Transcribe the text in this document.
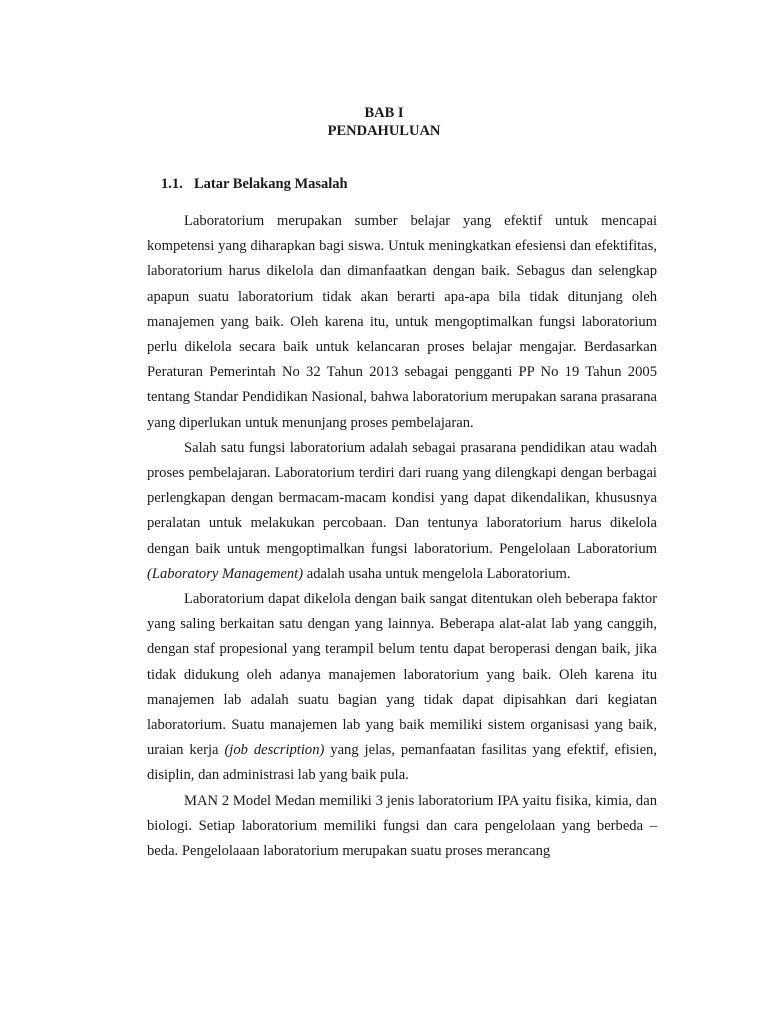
BAB I
PENDAHULUAN
1.1. Latar Belakang Masalah

Laboratorium merupakan sumber belajar yang efektif untuk mencapai kompetensi yang diharapkan bagi siswa. Untuk meningkatkan efesiensi dan efektifitas, laboratorium harus dikelola dan dimanfaatkan dengan baik. Sebagus dan selengkap apapun suatu laboratorium tidak akan berarti apa-apa bila tidak ditunjang oleh manajemen yang baik. Oleh karena itu, untuk mengoptimalkan fungsi laboratorium perlu dikelola secara baik untuk kelancaran proses belajar mengajar. Berdasarkan Peraturan Pemerintah No 32 Tahun 2013 sebagai pengganti PP No 19 Tahun 2005 tentang Standar Pendidikan Nasional, bahwa laboratorium merupakan sarana prasarana yang diperlukan untuk menunjang proses pembelajaran.

Salah satu fungsi laboratorium adalah sebagai prasarana pendidikan atau wadah proses pembelajaran. Laboratorium terdiri dari ruang yang dilengkapi dengan berbagai perlengkapan dengan bermacam-macam kondisi yang dapat dikendalikan, khususnya peralatan untuk melakukan percobaan. Dan tentunya laboratorium harus dikelola dengan baik untuk mengoptimalkan fungsi laboratorium. Pengelolaan Laboratorium (Laboratory Management) adalah usaha untuk mengelola Laboratorium.

Laboratorium dapat dikelola dengan baik sangat ditentukan oleh beberapa faktor yang saling berkaitan satu dengan yang lainnya. Beberapa alat-alat lab yang canggih, dengan staf propesional yang terampil belum tentu dapat beroperasi dengan baik, jika tidak didukung oleh adanya manajemen laboratorium yang baik. Oleh karena itu manajemen lab adalah suatu bagian yang tidak dapat dipisahkan dari kegiatan laboratorium. Suatu manajemen lab yang baik memiliki sistem organisasi yang baik, uraian kerja (job description) yang jelas, pemanfaatan fasilitas yang efektif, efisien, disiplin, dan administrasi lab yang baik pula.

MAN 2 Model Medan memiliki 3 jenis laboratorium IPA yaitu fisika, kimia, dan biologi. Setiap laboratorium memiliki fungsi dan cara pengelolaan yang berbeda – beda. Pengelolaaan laboratorium merupakan suatu proses merancang
